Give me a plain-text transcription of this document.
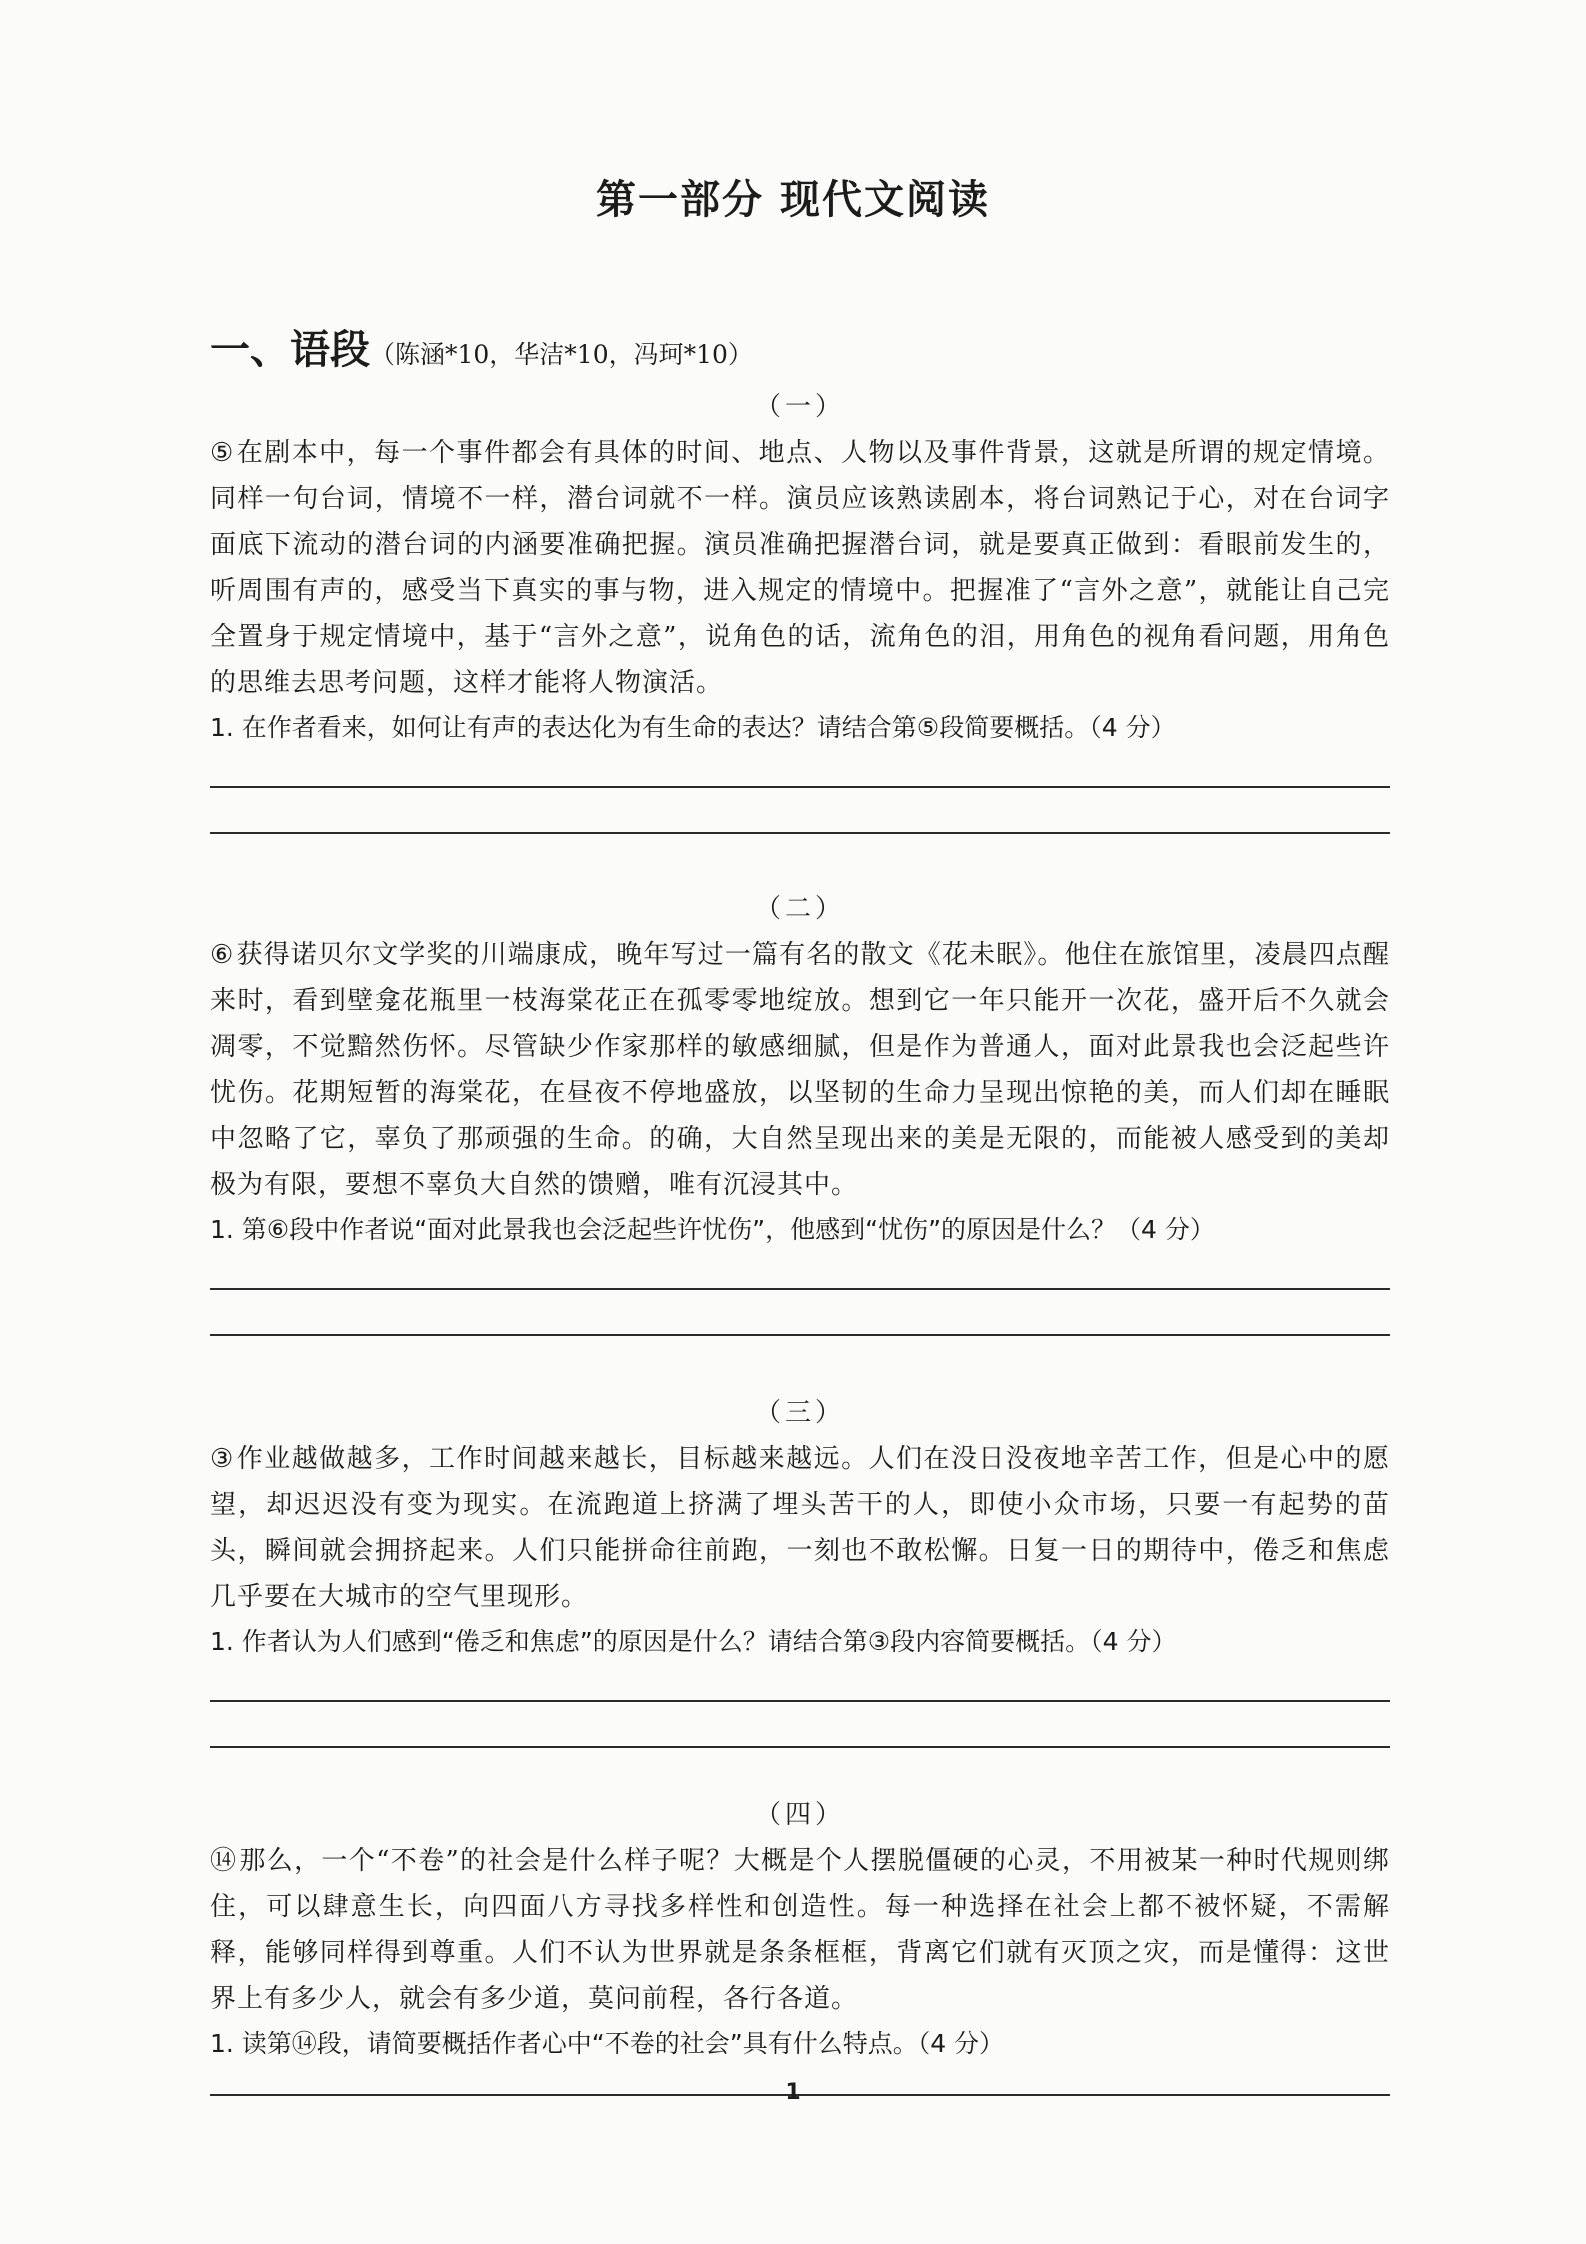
第一部分 现代文阅读
一、语段（陈涵*10，华洁*10，冯珂*10）
（一）

⑤在剧本中，每一个事件都会有具体的时间、地点、人物以及事件背景，这就是所谓的规定情境。同样一句台词，情境不一样，潜台词就不一样。演员应该熟读剧本，将台词熟记于心，对在台词字面底下流动的潜台词的内涵要准确把握。演员准确把握潜台词，就是要真正做到：看眼前发生的，听周围有声的，感受当下真实的事与物，进入规定的情境中。把握准了“言外之意”，就能让自己完全置身于规定情境中，基于“言外之意”，说角色的话，流角色的泪，用角色的视角看问题，用角色的思维去思考问题，这样才能将人物演活。

1. 在作者看来，如何让有声的表达化为有生命的表达？请结合第⑤段简要概括。（4 分）

（二）

⑥获得诺贝尔文学奖的川端康成，晚年写过一篇有名的散文《花未眠》。他住在旅馆里，凌晨四点醒来时，看到壁龛花瓶里一枝海棠花正在孤零零地绽放。想到它一年只能开一次花，盛开后不久就会凋零，不觉黯然伤怀。尽管缺少作家那样的敏感细腻，但是作为普通人，面对此景我也会泛起些许忧伤。花期短暂的海棠花，在昼夜不停地盛放，以坚韧的生命力呈现出惊艳的美，而人们却在睡眠中忽略了它，辜负了那顽强的生命。的确，大自然呈现出来的美是无限的，而能被人感受到的美却极为有限，要想不辜负大自然的馈赠，唯有沉浸其中。

1. 第⑥段中作者说“面对此景我也会泛起些许忧伤”，他感到“忧伤”的原因是什么？（4 分）

（三）

③作业越做越多，工作时间越来越长，目标越来越远。人们在没日没夜地辛苦工作，但是心中的愿望，却迟迟没有变为现实。在流跑道上挤满了埋头苦干的人，即使小众市场，只要一有起势的苗头，瞬间就会拥挤起来。人们只能拼命往前跑，一刻也不敢松懈。日复一日的期待中，倦乏和焦虑几乎要在大城市的空气里现形。

1. 作者认为人们感到“倦乏和焦虑”的原因是什么？请结合第③段内容简要概括。（4 分）

（四）

⑭那么，一个“不卷”的社会是什么样子呢？大概是个人摆脱僵硬的心灵，不用被某一种时代规则绑住，可以肆意生长，向四面八方寻找多样性和创造性。每一种选择在社会上都不被怀疑，不需解释，能够同样得到尊重。人们不认为世界就是条条框框，背离它们就有灭顶之灾，而是懂得：这世界上有多少人，就会有多少道，莫问前程，各行各道。

1. 读第⑭段，请简要概括作者心中“不卷的社会”具有什么特点。（4 分）

1
